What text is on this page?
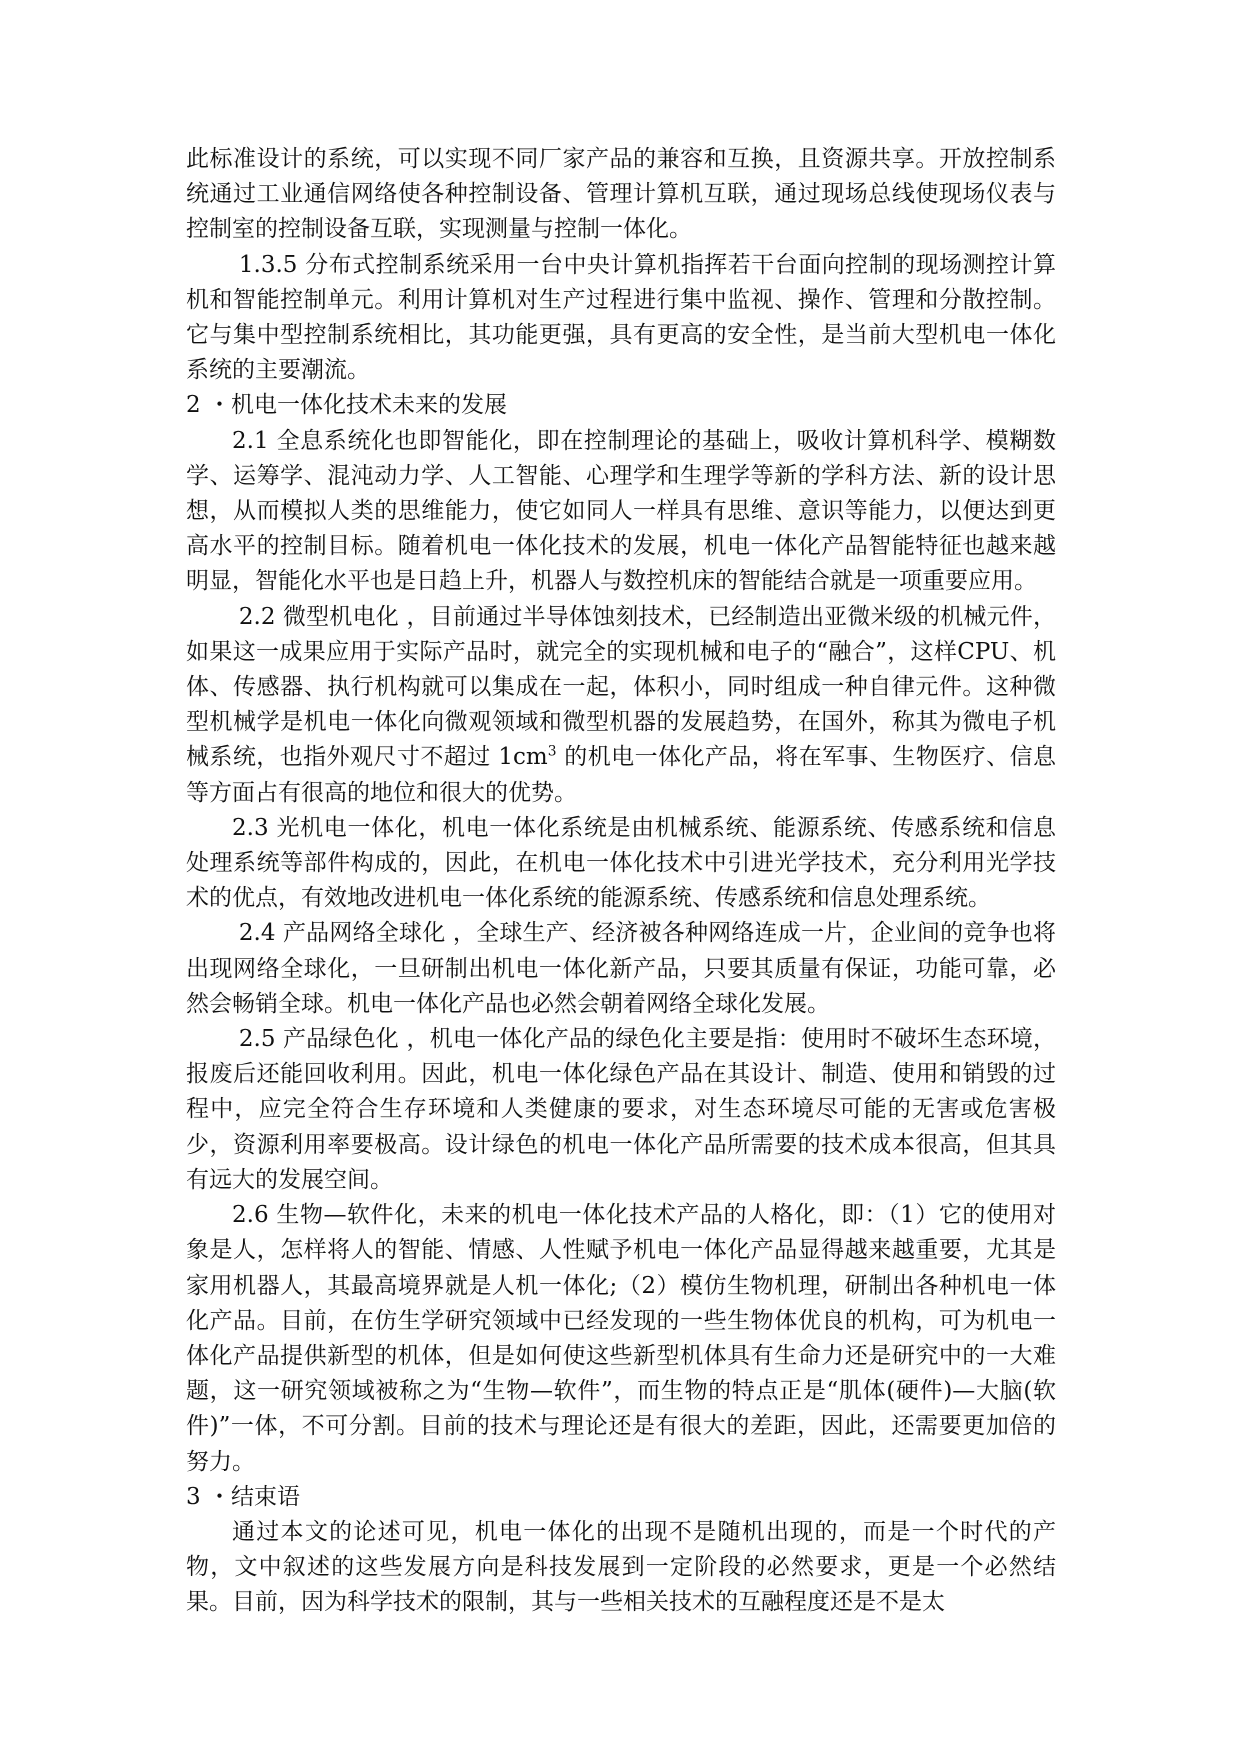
此标准设计的系统，可以实现不同厂家产品的兼容和互换，且资源共享。开放控制系统通过工业通信网络使各种控制设备、管理计算机互联，通过现场总线使现场仪表与控制室的控制设备互联，实现测量与控制一体化。

1.3.5 分布式控制系统采用一台中央计算机指挥若干台面向控制的现场测控计算机和智能控制单元。利用计算机对生产过程进行集中监视、操作、管理和分散控制。它与集中型控制系统相比，其功能更强，具有更高的安全性，是当前大型机电一体化系统的主要潮流。

2 ・机电一体化技术未来的发展

2.1 全息系统化也即智能化，即在控制理论的基础上，吸收计算机科学、模糊数学、运筹学、混沌动力学、人工智能、心理学和生理学等新的学科方法、新的设计思想，从而模拟人类的思维能力，使它如同人一样具有思维、意识等能力，以便达到更高水平的控制目标。随着机电一体化技术的发展，机电一体化产品智能特征也越来越明显，智能化水平也是日趋上升，机器人与数控机床的智能结合就是一项重要应用。

2.2 微型机电化 ，目前通过半导体蚀刻技术，已经制造出亚微米级的机械元件，如果这一成果应用于实际产品时，就完全的实现机械和电子的“融合”，这样CPU、机体、传感器、执行机构就可以集成在一起，体积小，同时组成一种自律元件。这种微型机械学是机电一体化向微观领域和微型机器的发展趋势，在国外，称其为微电子机械系统，也指外观尺寸不超过 $1cm^3$ 的机电一体化产品，将在军事、生物医疗、信息等方面占有很高的地位和很大的优势。

2.3 光机电一体化，机电一体化系统是由机械系统、能源系统、传感系统和信息处理系统等部件构成的，因此，在机电一体化技术中引进光学技术，充分利用光学技术的优点，有效地改进机电一体化系统的能源系统、传感系统和信息处理系统。

2.4 产品网络全球化 ，全球生产、经济被各种网络连成一片，企业间的竞争也将出现网络全球化，一旦研制出机电一体化新产品，只要其质量有保证，功能可靠，必然会畅销全球。机电一体化产品也必然会朝着网络全球化发展。

2.5 产品绿色化 ，机电一体化产品的绿色化主要是指：使用时不破坏生态环境，报废后还能回收利用。因此，机电一体化绿色产品在其设计、制造、使用和销毁的过程中，应完全符合生存环境和人类健康的要求，对生态环境尽可能的无害或危害极少，资源利用率要极高。设计绿色的机电一体化产品所需要的技术成本很高，但其具有远大的发展空间。

2.6 生物—软件化，未来的机电一体化技术产品的人格化，即：（1）它的使用对象是人，怎样将人的智能、情感、人性赋予机电一体化产品显得越来越重要，尤其是家用机器人，其最高境界就是人机一体化;（2）模仿生物机理，研制出各种机电一体化产品。目前，在仿生学研究领域中已经发现的一些生物体优良的机构，可为机电一体化产品提供新型的机体，但是如何使这些新型机体具有生命力还是研究中的一大难题，这一研究领域被称之为“生物—软件”，而生物的特点正是“肌体(硬件)—大脑(软件)”一体，不可分割。目前的技术与理论还是有很大的差距，因此，还需要更加倍的努力。

3 ・结束语

通过本文的论述可见，机电一体化的出现不是随机出现的，而是一个时代的产物，文中叙述的这些发展方向是科技发展到一定阶段的必然要求，更是一个必然结果。目前，因为科学技术的限制，其与一些相关技术的互融程度还是不是太
